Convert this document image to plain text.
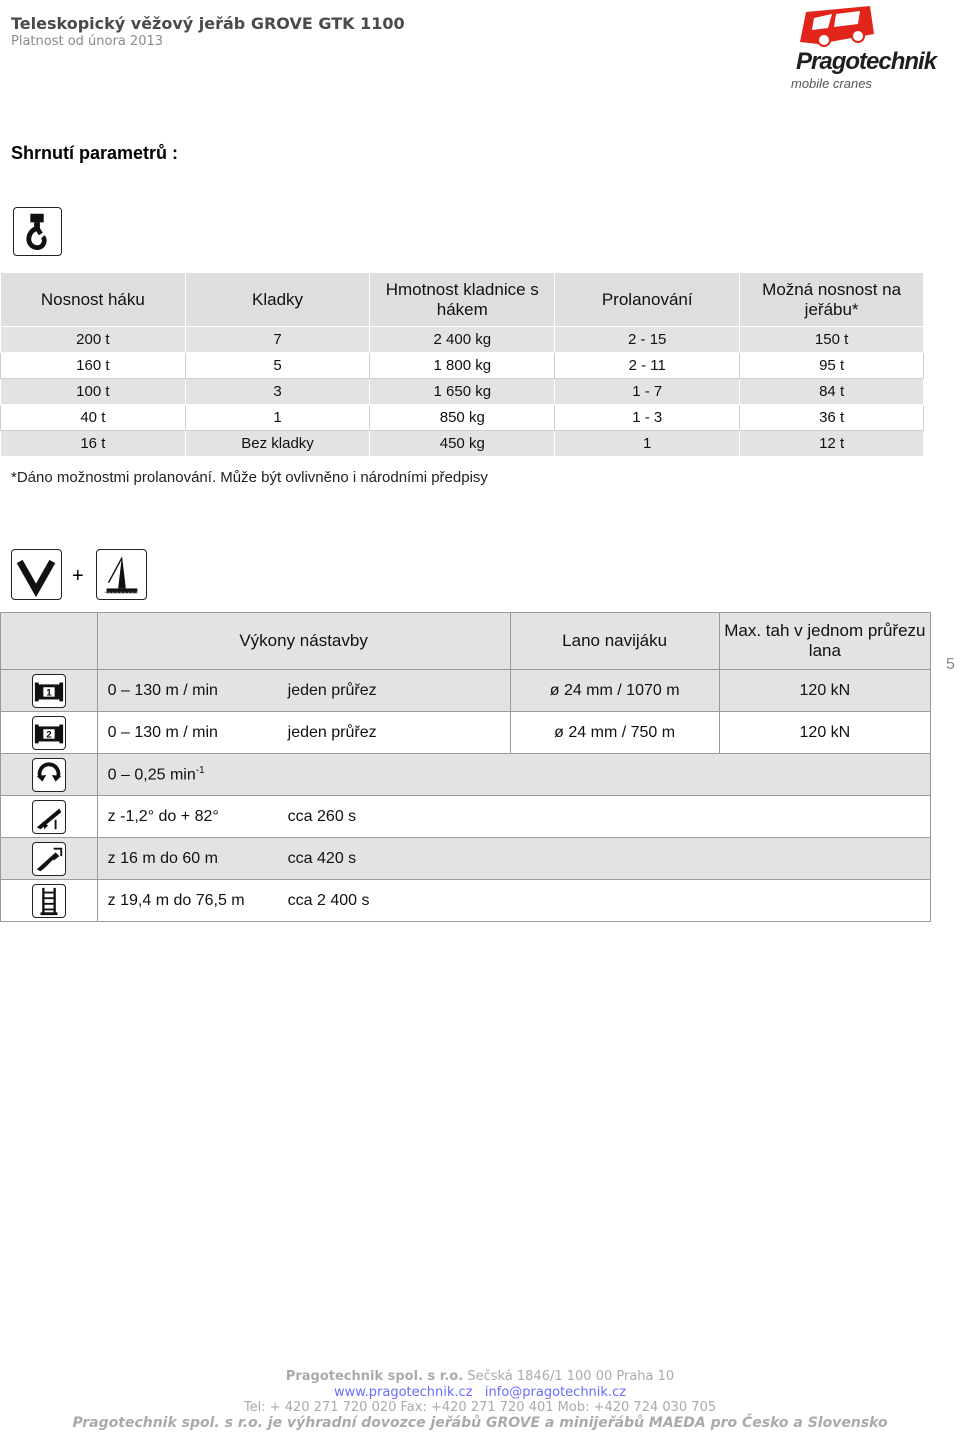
Teleskopický věžový jeřáb GROVE GTK 1100
Platnost od února 2013
Pragotechnik
mobile cranes
Shrnutí parametrů :
Nosnost háku	Kladky	Hmotnost kladnice s hákem	Prolanování	Možná nosnost na jeřábu*
200 t	7	2 400 kg	2 - 15	150 t
160 t	5	1 800 kg	2 - 11	95 t
100 t	3	1 650 kg	1 - 7	84 t
40 t	1	850 kg	1 - 3	36 t
16 t	Bez kladky	450 kg	1	12 t
*Dáno možnostmi prolanování. Může být ovlivněno i národními předpisy
+
	Výkony nástavby	Lano navijáku	Max. tah v jednom průřezu lana

1	0 – 130 m / min jeden průřez	ø 24 mm / 1070 m	120 kN

2	0 – 130 m / min jeden průřez	ø 24 mm / 750 m	120 kN

	0 – 0,25 $\min^{-1}$

	z -1,2° do + 82° cca 260 s		

	z 16 m do 60 m cca 420 s		

	z 19,4 m do 76,5 m cca 2 400 s		
5
Pragotechnik spol. s r.o. Sečská 1846/1 100 00 Praha 10
www.pragotechnik.cz info@pragotechnik.cz
Tel: + 420 271 720 020 Fax: +420 271 720 401 Mob: +420 724 030 705
Pragotechnik spol. s r.o. je výhradní dovozce jeřábů GROVE a minijeřábů MAEDA pro Česko a Slovensko
